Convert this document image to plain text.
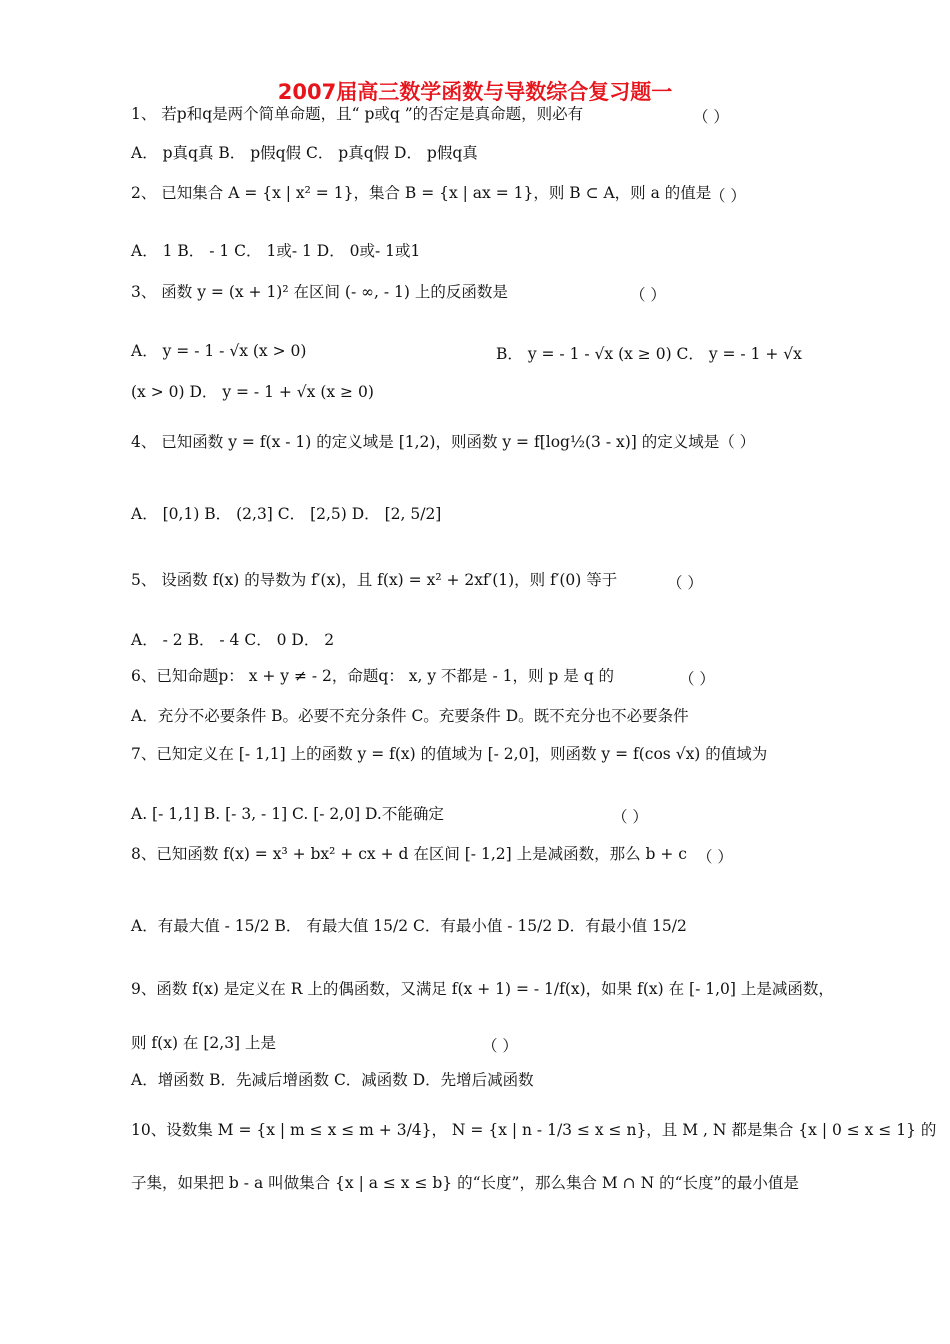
2007届高三数学函数与导数综合复习题一
1、 若p和q是两个简单命题，且“ p或q ”的否定是真命题，则必有	（ ）
A． p真q真 B． p假q假 C． p真q假 D． p假q真
2、 已知集合 A = {x | x² = 1}，集合 B = {x | ax = 1}，则 B ⊂ A，则 a 的值是
（ ）
A． 1 B． - 1 C． 1或- 1 D． 0或- 1或1
3、 函数 y = (x + 1)² 在区间 (- ∞, - 1) 上的反函数是	（ ）
A． y = - 1 - √x (x > 0)	B． y = - 1 - √x (x ≥ 0) C． y = - 1 + √x
(x > 0) D． y = - 1 + √x (x ≥ 0)
4、 已知函数 y = f(x - 1) 的定义域是 [1,2)，则函数 y = f[log½(3 - x)] 的定义域是（ ）
A． [0,1) B． (2,3] C． [2,5) D． [2, 5/2]
5、 设函数 f(x) 的导数为 f′(x)，且 f(x) = x² + 2xf′(1)，则 f′(0) 等于	（ ）
A． - 2 B． - 4 C． 0 D． 2
6、已知命题p： x + y ≠ - 2，命题q： x, y 不都是 - 1，则 p 是 q 的	（ ）
A．充分不必要条件 B。必要不充分条件 C。充要条件 D。既不充分也不必要条件
7、已知定义在 [- 1,1] 上的函数 y = f(x) 的值域为 [- 2,0]，则函数 y = f(cos √x) 的值域为
A. [- 1,1] B. [- 3, - 1] C. [- 2,0] D.不能确定	（ ）
8、已知函数 f(x) = x³ + bx² + cx + d 在区间 [- 1,2] 上是减函数，那么 b + c （ ）
A．有最大值 - 15/2 B． 有最大值 15/2 C．有最小值 - 15/2 D．有最小值 15/2
9、函数 f(x) 是定义在 R 上的偶函数，又满足 f(x + 1) = - 1/f(x)，如果 f(x) 在 [- 1,0] 上是减函数，
则 f(x) 在 [2,3] 上是	（ ）
A．增函数 B．先减后增函数 C．减函数 D．先增后减函数
10、设数集 M = {x | m ≤ x ≤ m + 3/4}， N = {x | n - 1/3 ≤ x ≤ n}，且 M , N 都是集合 {x | 0 ≤ x ≤ 1} 的
子集，如果把 b - a 叫做集合 {x | a ≤ x ≤ b} 的“长度”，那么集合 M ∩ N 的“长度”的最小值是
